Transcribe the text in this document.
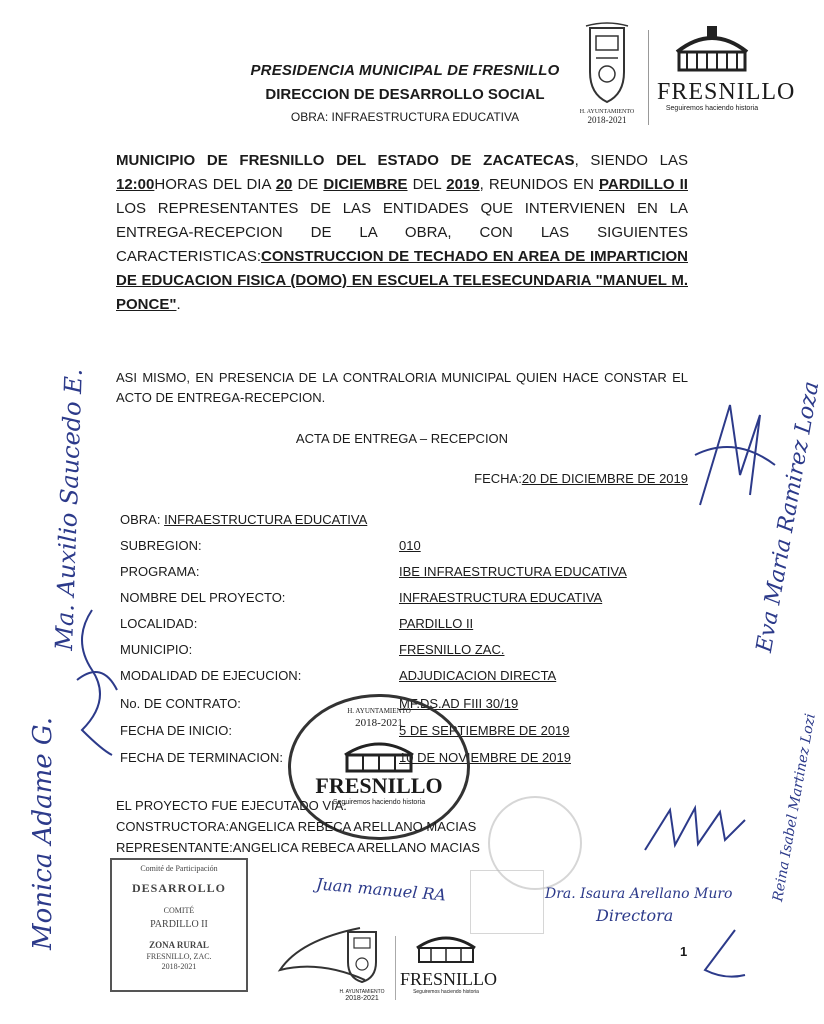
PRESIDENCIA MUNICIPAL DE FRESNILLO
DIRECCION DE DESARROLLO SOCIAL
OBRA: INFRAESTRUCTURA EDUCATIVA	H. AYUNTAMIENTO
2018-2021
FRESNILLO
Seguiremos haciendo historia
MUNICIPIO DE FRESNILLO DEL ESTADO DE ZACATECAS, SIENDO LAS 12:00HORAS DEL DIA 20 DE DICIEMBRE DEL 2019, REUNIDOS EN PARDILLO II LOS REPRESENTANTES DE LAS ENTIDADES QUE INTERVIENEN EN LA ENTREGA-RECEPCION DE LA OBRA, CON LAS SIGUIENTES CARACTERISTICAS:CONSTRUCCION DE TECHADO EN AREA DE IMPARTICION DE EDUCACION FISICA (DOMO) EN ESCUELA TELESECUNDARIA "MANUEL M. PONCE".
ASI MISMO, EN PRESENCIA DE LA CONTRALORIA MUNICIPAL QUIEN HACE CONSTAR EL ACTO DE ENTREGA-RECEPCION.
ACTA DE ENTREGA – RECEPCION
FECHA:20 DE DICIEMBRE DE 2019
OBRA: INFRAESTRUCTURA EDUCATIVA
SUBREGION:	010
PROGRAMA:	IBE INFRAESTRUCTURA EDUCATIVA
NOMBRE DEL PROYECTO:	INFRAESTRUCTURA EDUCATIVA
LOCALIDAD:	PARDILLO II
MUNICIPIO:	FRESNILLO ZAC.
MODALIDAD DE EJECUCION:	ADJUDICACION DIRECTA
No. DE CONTRATO:	MF.DS.AD FIII 30/19
FECHA DE INICIO:	5 DE SEPTIEMBRE DE 2019
FECHA DE TERMINACION:	10 DE NOVIEMBRE DE 2019
H. AYUNTAMIENTO
2018-2021
FRESNILLO
Seguiremos haciendo historia
EL PROYECTO FUE EJECUTADO VIA:
CONSTRUCTORA:ANGELICA REBECA ARELLANO MACIAS
REPRESENTANTE:ANGELICA REBECA ARELLANO MACIAS
Comité de Participación
DESARROLLO
COMITÉ
PARDILLO II
ZONA RURAL
FRESNILLO, ZAC.
2018-2021
H. AYUNTAMIENTO
2018-2021
FRESNILLO
Seguiremos haciendo historia
Monica Adame G.
Ma. Auxilio Saucedo E.	Eva Maria Ramirez Loza
Reina Isabel Martinez Lozi
Juan manuel RA	Dra. Isaura Arellano Muro
Directora
1
